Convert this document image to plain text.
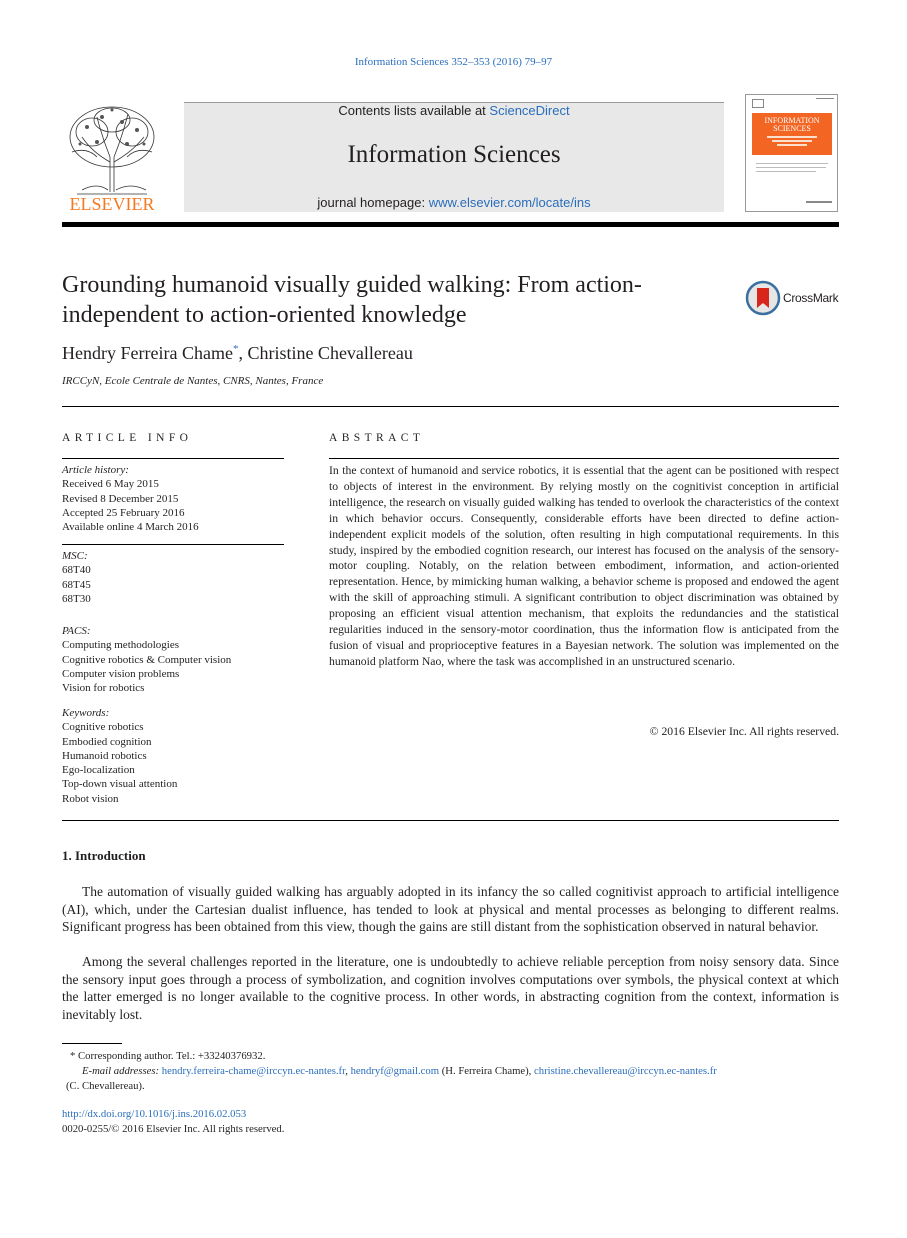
Information Sciences 352–353 (2016) 79–97
ELSEVIER
Contents lists available at ScienceDirect
Information Sciences
journal homepage: www.elsevier.com/locate/ins
INFORMATION SCIENCES
Grounding humanoid visually guided walking: From action-independent to action-oriented knowledge
CrossMark
Hendry Ferreira Chame*, Christine Chevallereau
IRCCyN, Ecole Centrale de Nantes, CNRS, Nantes, France
ARTICLE INFO
Article history:
Received 6 May 2015
Revised 8 December 2015
Accepted 25 February 2016
Available online 4 March 2016
MSC:
68T40
68T45
68T30
PACS:
Computing methodologies
Cognitive robotics & Computer vision
Computer vision problems
Vision for robotics
Keywords:
Cognitive robotics
Embodied cognition
Humanoid robotics
Ego-localization
Top-down visual attention
Robot vision
ABSTRACT
In the context of humanoid and service robotics, it is essential that the agent can be positioned with respect to objects of interest in the environment. By relying mostly on the cognitivist conception in artificial intelligence, the research on visually guided walking has tended to overlook the characteristics of the context in which behavior occurs. Consequently, considerable efforts have been directed to define action-independent explicit models of the solution, often resulting in high computational requirements. In this study, inspired by the embodied cognition research, our interest has focused on the analysis of the sensory-motor coupling. Notably, on the relation between embodiment, information, and action-oriented representation. Hence, by mimicking human walking, a behavior scheme is proposed and endowed the agent with the skill of approaching stimuli. A significant contribution to object discrimination was obtained by proposing an efficient visual attention mechanism, that exploits the redundancies and the statistical regularities induced in the sensory-motor coordination, thus the information flow is anticipated from the fusion of visual and proprioceptive features in a Bayesian network. The solution was implemented on the humanoid platform Nao, where the task was accomplished in an unstructured scenario.
© 2016 Elsevier Inc. All rights reserved.
1. Introduction
The automation of visually guided walking has arguably adopted in its infancy the so called cognitivist approach to artificial intelligence (AI), which, under the Cartesian dualist influence, has tended to look at physical and mental processes as belonging to different realms. Significant progress has been obtained from this view, though the gains are still distant from the sophistication observed in natural behavior.
Among the several challenges reported in the literature, one is undoubtedly to achieve reliable perception from noisy sensory data. Since the sensory input goes through a process of symbolization, and cognition involves computations over symbols, the physical context at which the latter emerged is no longer available to the cognitive process. In other words, in abstracting cognition from the context, information is inevitably lost.
* Corresponding author. Tel.: +33240376932.
E-mail addresses: hendry.ferreira-chame@irccyn.ec-nantes.fr, hendryf@gmail.com (H. Ferreira Chame), christine.chevallereau@irccyn.ec-nantes.fr
(C. Chevallereau).
http://dx.doi.org/10.1016/j.ins.2016.02.053
0020-0255/© 2016 Elsevier Inc. All rights reserved.
